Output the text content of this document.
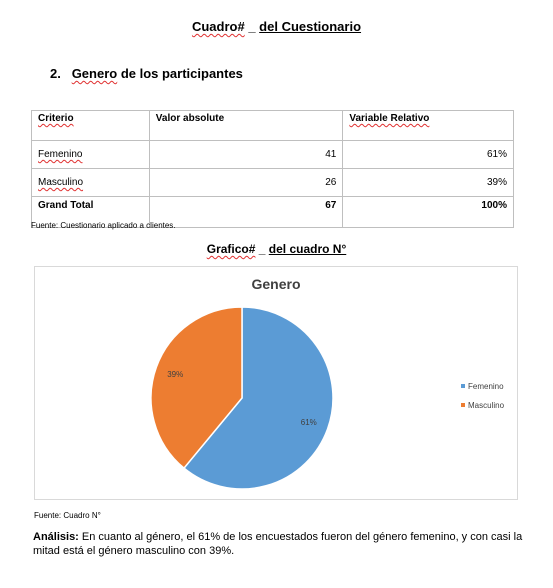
Cuadro# _ del Cuestionario
2. Genero de los participantes
Criterio	Valor absolute	Variable Relativo
Femenino	41	61%
Masculino	26	39%
Grand Total	67	100%
Fuente: Cuestionario aplicado a clientes.
Grafico# _ del cuadro N°
Genero
61%
39%
Femenino
Masculino
Fuente: Cuadro N°
Análisis: En cuanto al género, el 61% de los encuestados fueron del género femenino, y con casi la mitad está el género masculino con 39%.
